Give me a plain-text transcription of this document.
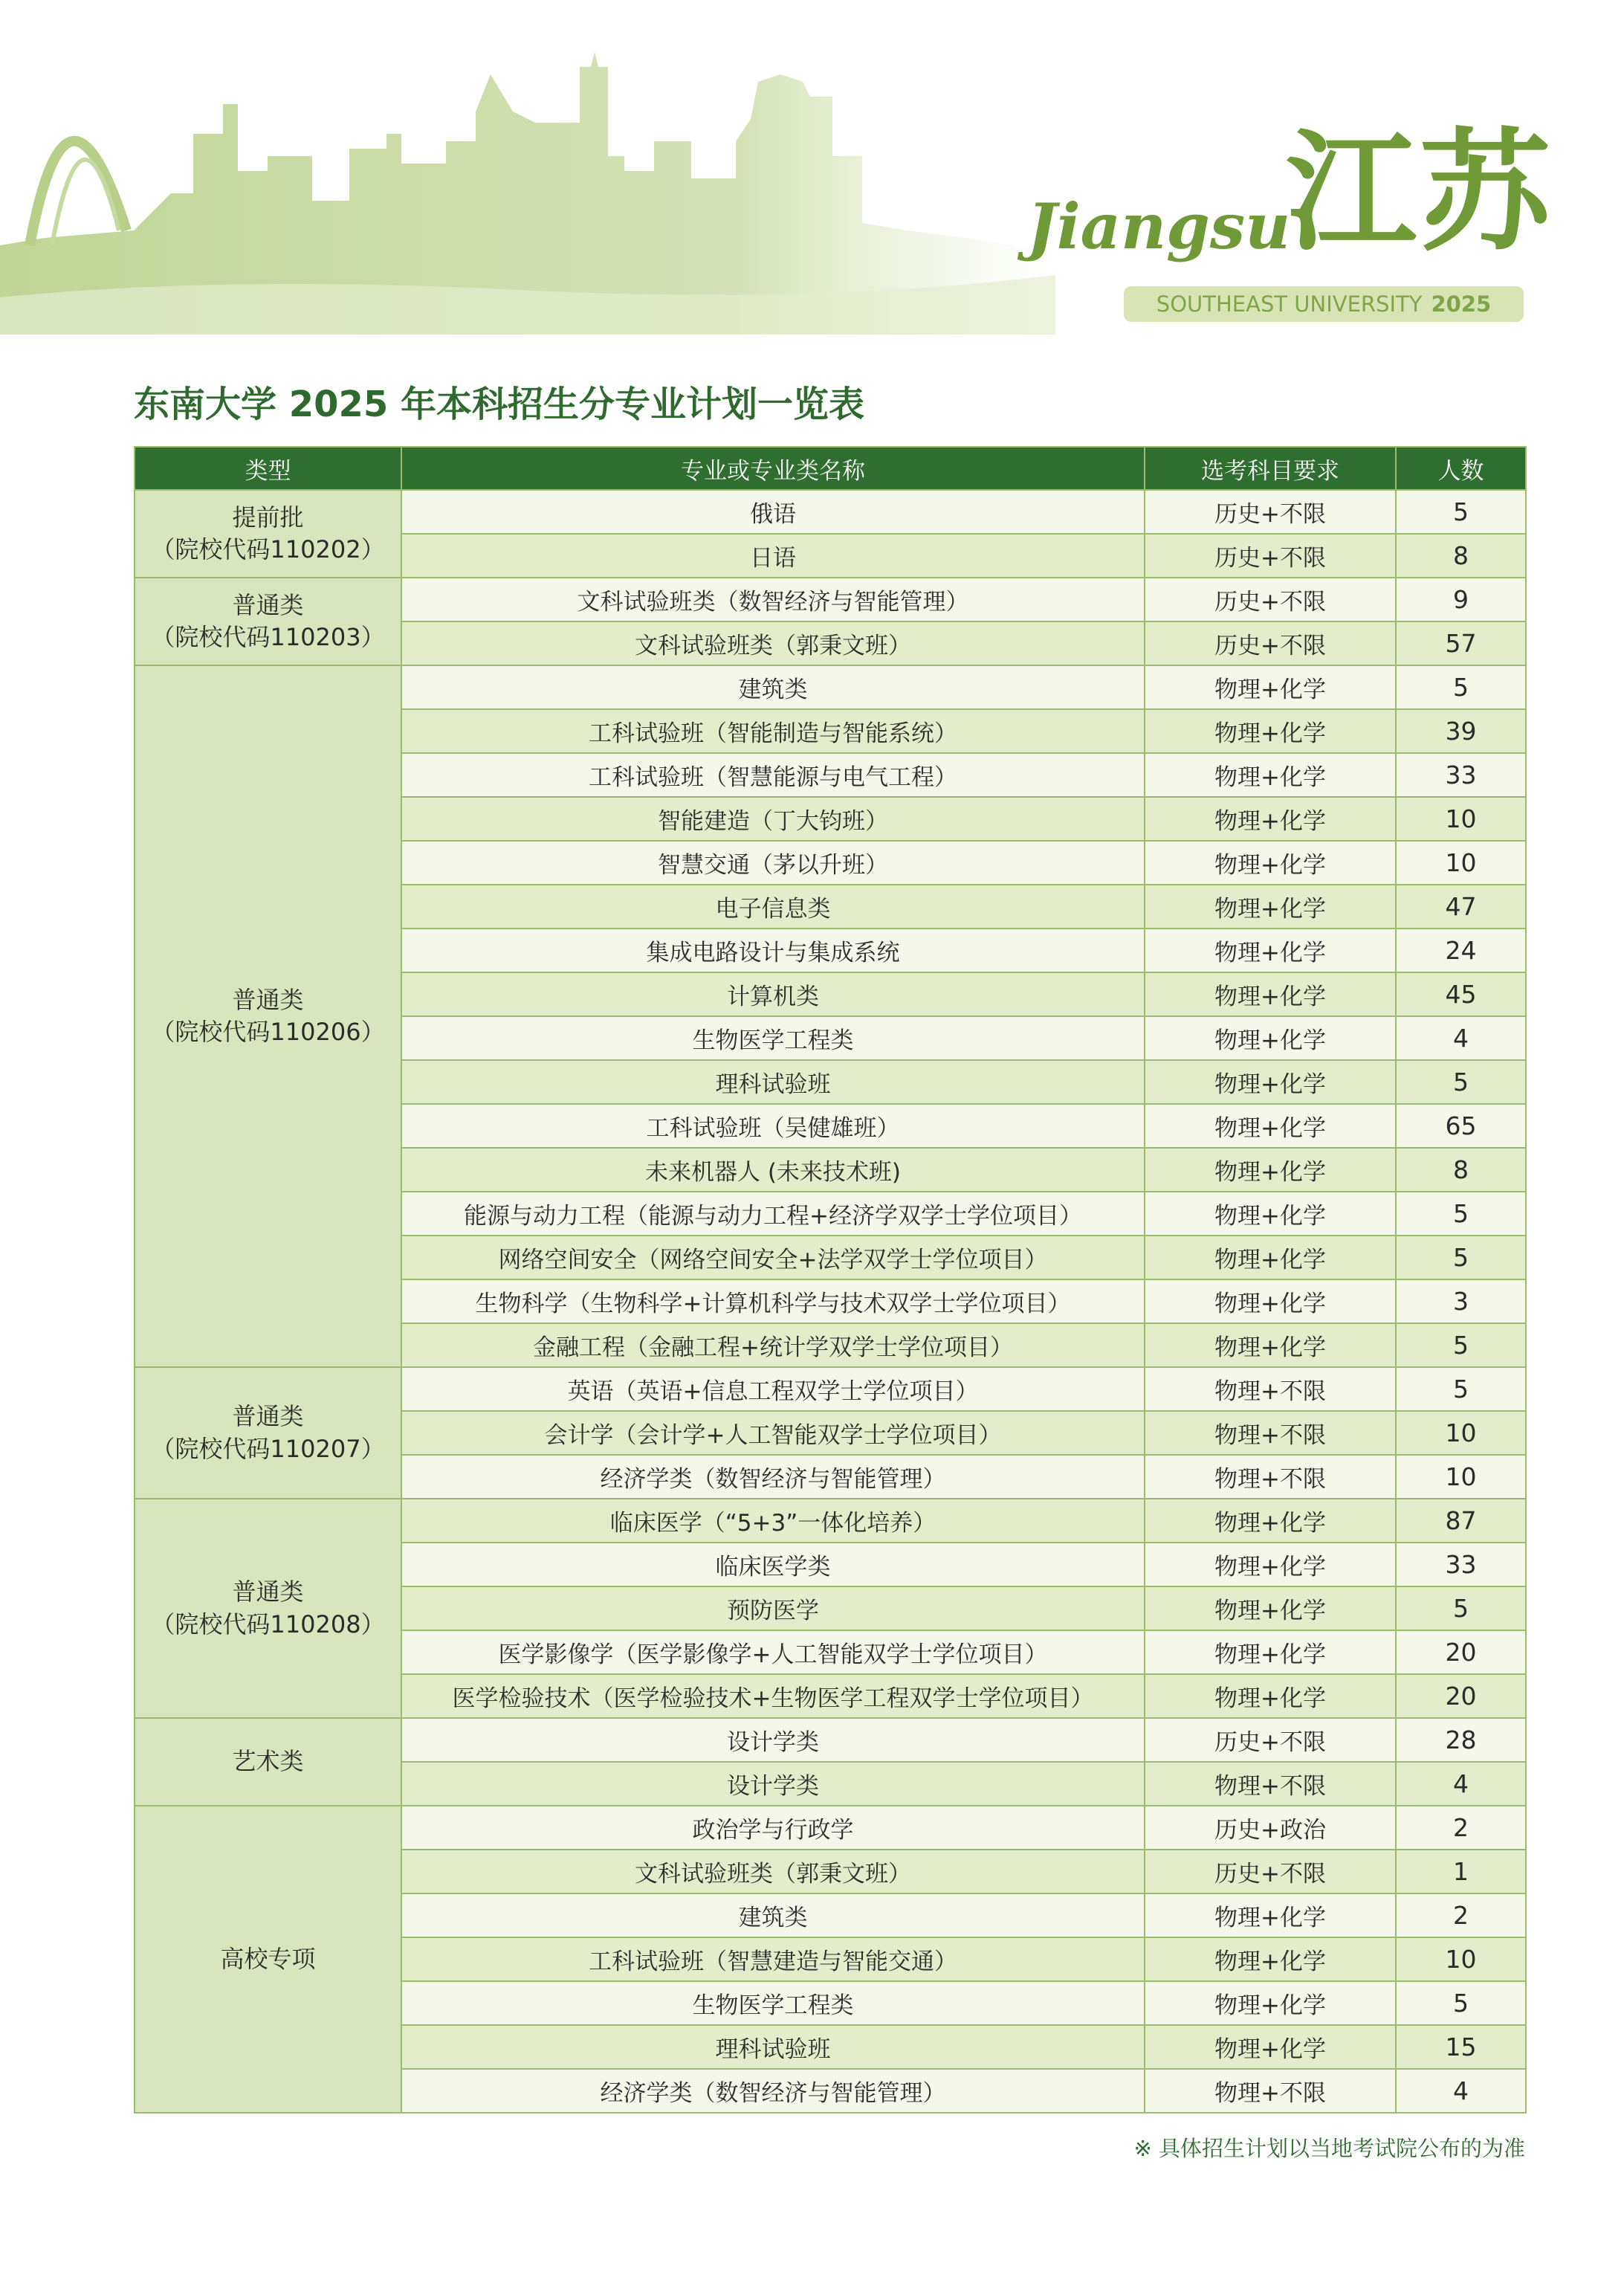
Jiangsu
江苏
SOUTHEAST UNIVERSITY 2025
东南大学 2025 年本科招生分专业计划一览表
类型	专业或专业类名称	选考科目要求	人数

提前批
（院校代码110202）	俄语	历史+不限	5
	日语	历史+不限	8

普通类
（院校代码110203）	文科试验班类（数智经济与智能管理）	历史+不限	9
	文科试验班类（郭秉文班）	历史+不限	57

普通类
（院校代码110206）	建筑类	物理+化学	5
	工科试验班（智能制造与智能系统）	物理+化学	39
	工科试验班（智慧能源与电气工程）	物理+化学	33
	智能建造（丁大钧班）	物理+化学	10
	智慧交通（茅以升班）	物理+化学	10
	电子信息类	物理+化学	47
	集成电路设计与集成系统	物理+化学	24
	计算机类	物理+化学	45
	生物医学工程类	物理+化学	4
	理科试验班	物理+化学	5
	工科试验班（吴健雄班）	物理+化学	65
	未来机器人 (未来技术班)	物理+化学	8
	能源与动力工程（能源与动力工程+经济学双学士学位项目）	物理+化学	5
	网络空间安全（网络空间安全+法学双学士学位项目）	物理+化学	5
	生物科学（生物科学+计算机科学与技术双学士学位项目）	物理+化学	3
	金融工程（金融工程+统计学双学士学位项目）	物理+化学	5

普通类
（院校代码110207）	英语（英语+信息工程双学士学位项目）	物理+不限	5
	会计学（会计学+人工智能双学士学位项目）	物理+不限	10
	经济学类（数智经济与智能管理）	物理+不限	10

普通类
（院校代码110208）	临床医学（“5+3”一体化培养）	物理+化学	87
	临床医学类	物理+化学	33
	预防医学	物理+化学	5
	医学影像学（医学影像学+人工智能双学士学位项目）	物理+化学	20
	医学检验技术（医学检验技术+生物医学工程双学士学位项目）	物理+化学	20

艺术类	设计学类	历史+不限	28
	设计学类	物理+不限	4

高校专项	政治学与行政学	历史+政治	2
	文科试验班类（郭秉文班）	历史+不限	1
	建筑类	物理+化学	2
	工科试验班（智慧建造与智能交通）	物理+化学	10
	生物医学工程类	物理+化学	5
	理科试验班	物理+化学	15
	经济学类（数智经济与智能管理）	物理+不限	4
※ 具体招生计划以当地考试院公布的为准
